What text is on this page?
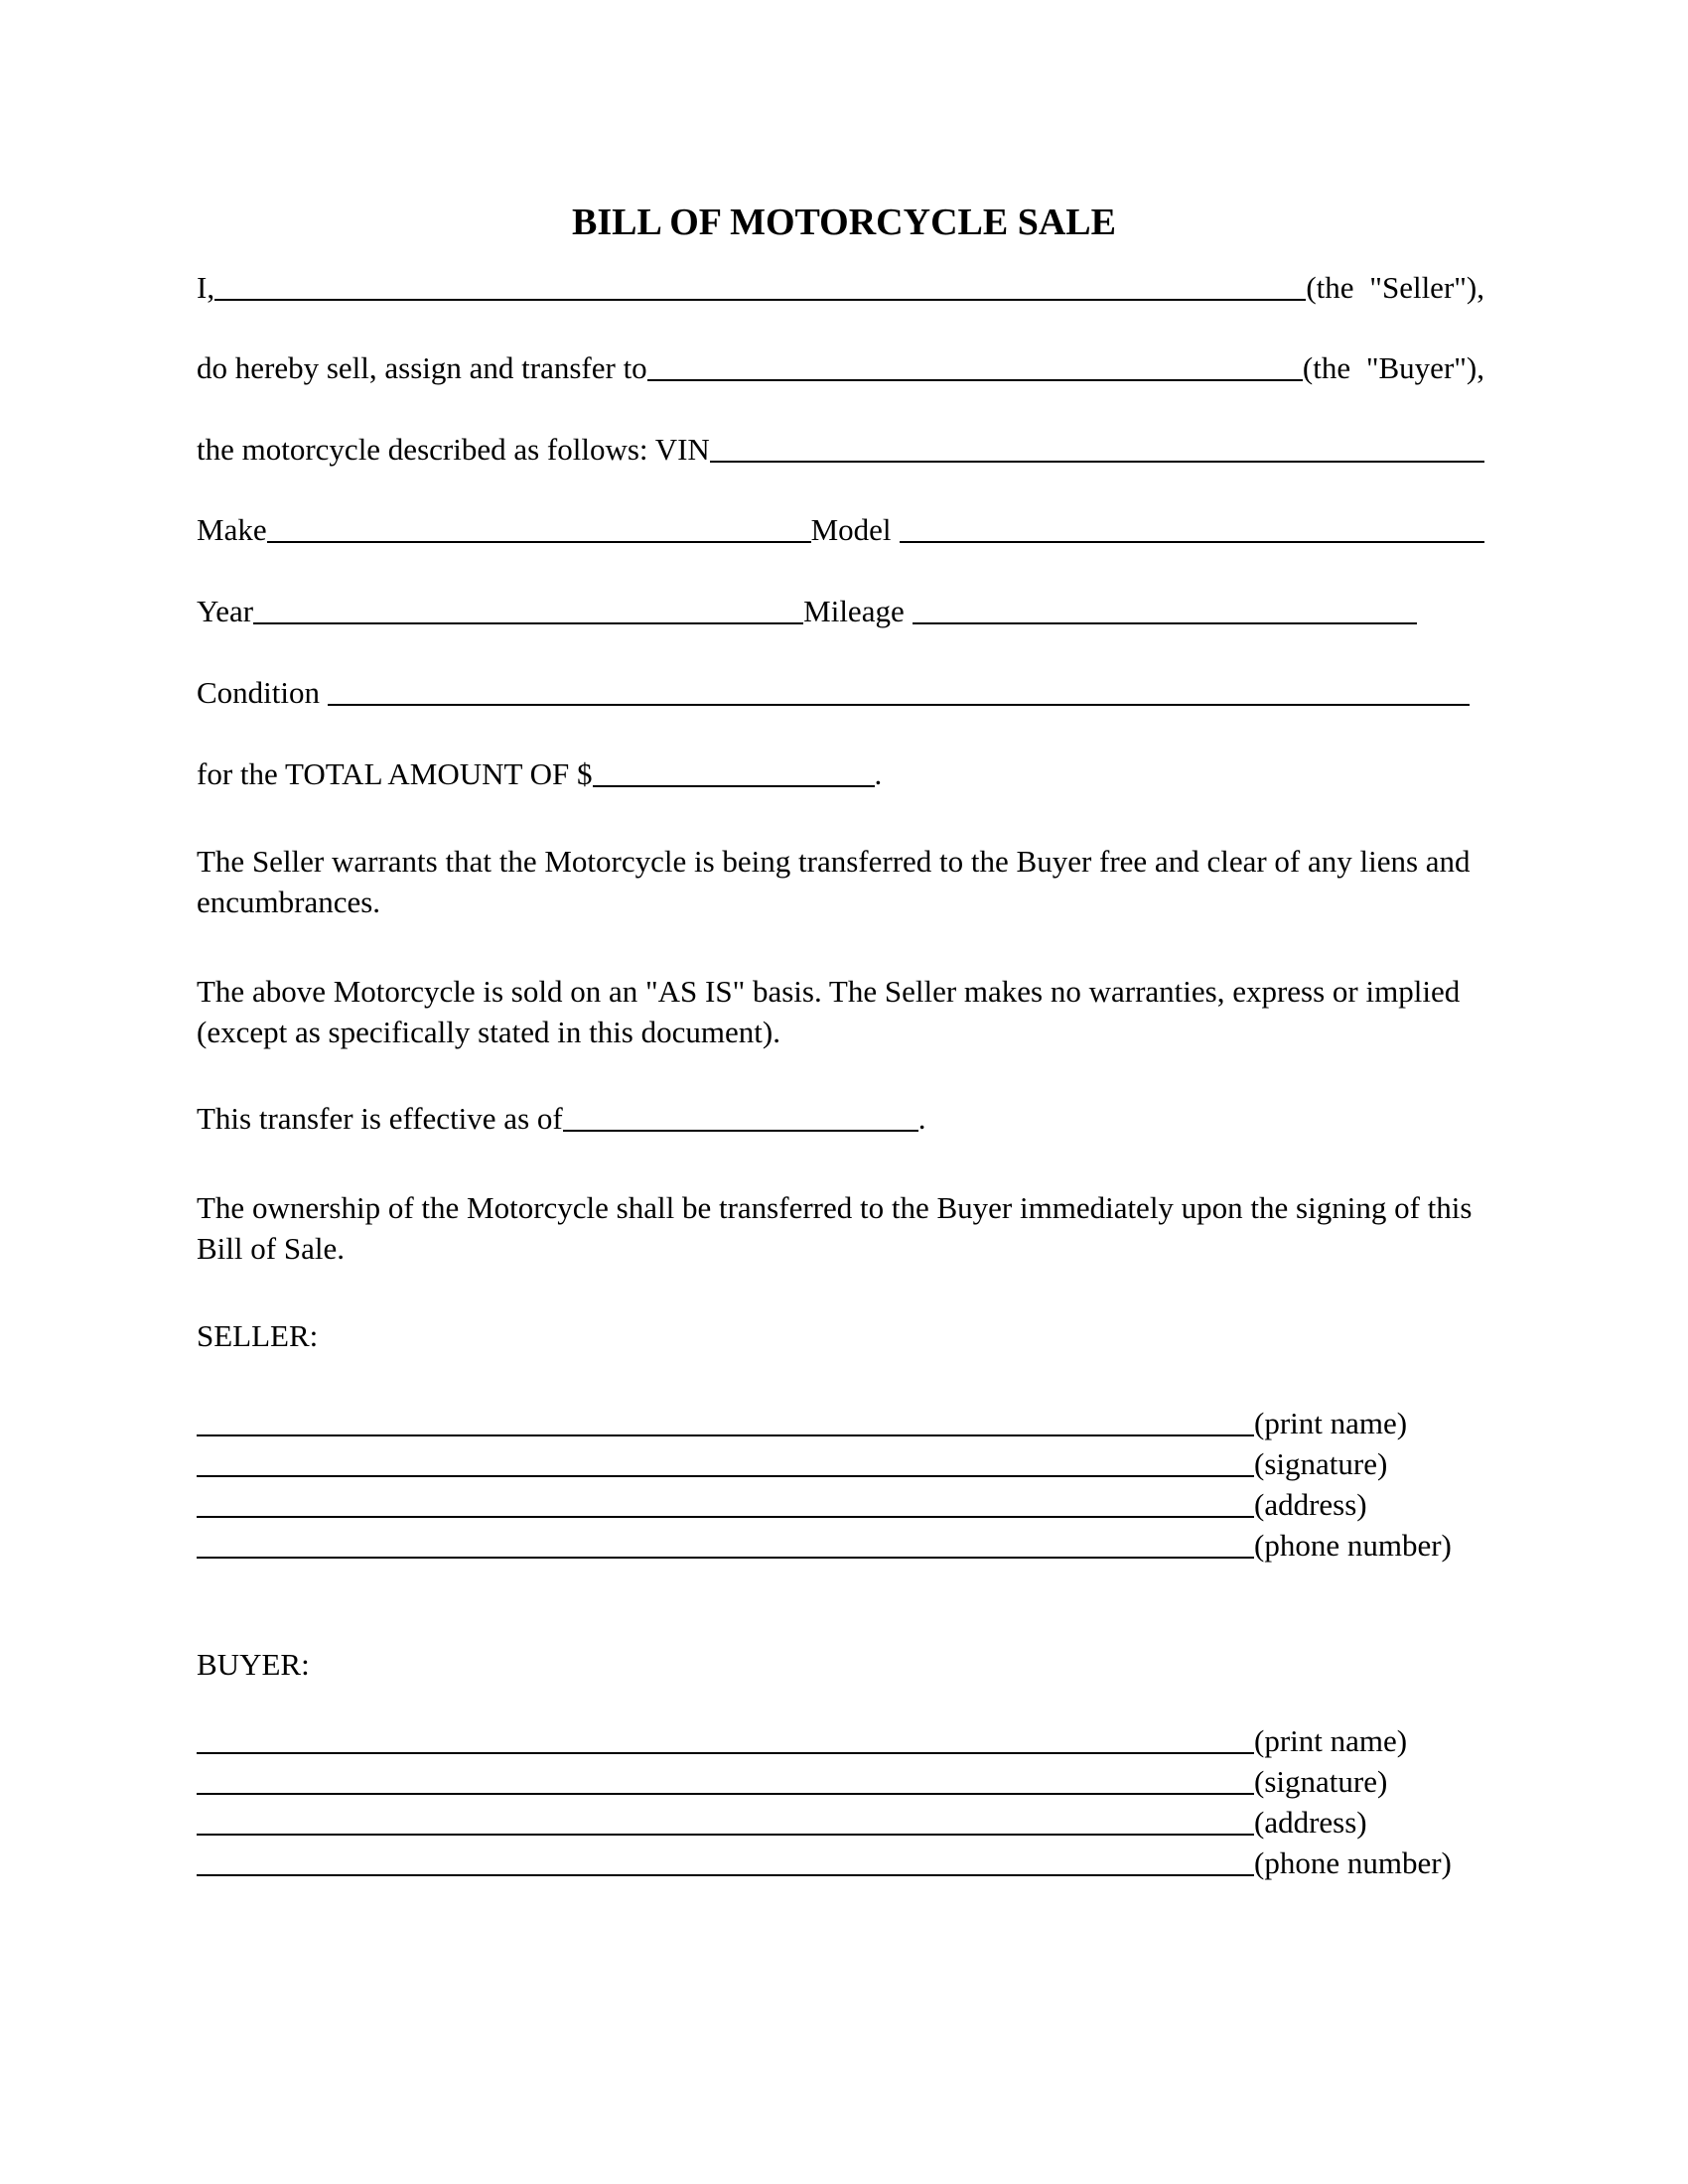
BILL OF MOTORCYCLE SALE
I,	(the "Seller"),
do hereby sell, assign and transfer to	(the "Buyer"),
the motorcycle described as follows: VIN
Make	Model
Year	Mileage
Condition
for the TOTAL AMOUNT OF $	.
The Seller warrants that the Motorcycle is being transferred to the Buyer free and clear of any liens and encumbrances.
The above Motorcycle is sold on an "AS IS" basis. The Seller makes no warranties, express or implied (except as specifically stated in this document).
This transfer is effective as of	.
The ownership of the Motorcycle shall be transferred to the Buyer immediately upon the signing of this Bill of Sale.
SELLER:
(print name)
(signature)
(address)
(phone number)
BUYER:
(print name)
(signature)
(address)
(phone number)
